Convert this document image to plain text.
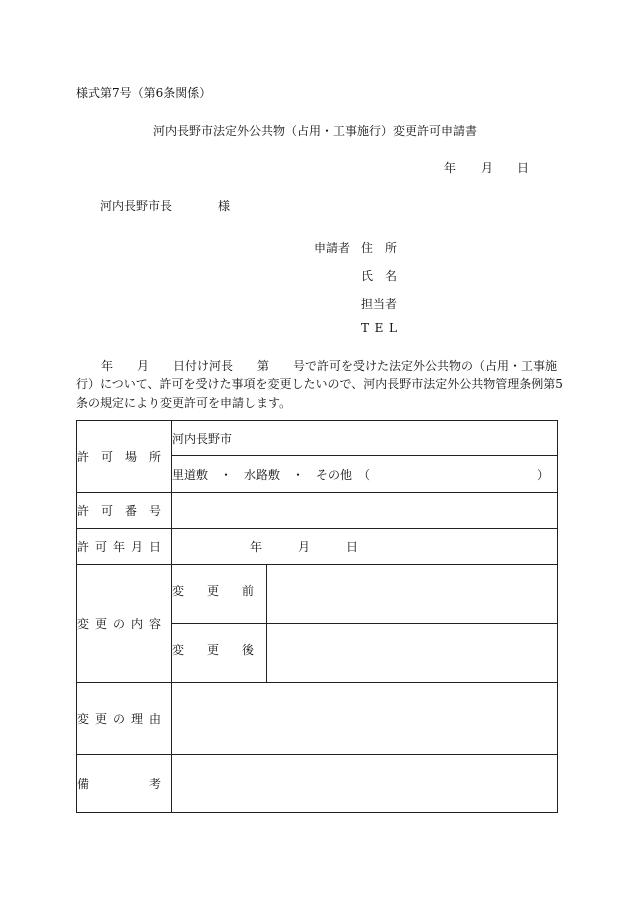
様式第7号（第6条関係）
河内長野市法定外公共物（占用・工事施行）変更許可申請書
年 月 日
河内長野市長	様
申請者 住 所
氏 名
担当者
T E L
年　　月　　日付け河長　　第　　号で許可を受けた法定外公共物の（占用・工事施
行）について、許可を受けた事項を変更したいので、河内長野市法定外公共物管理条例第5
条の規定により変更許可を申請します。
許 可 場 所	河内長野市	

	里道敷　・　水路敷　・　その他　（ ）	

許 可 番 号		

許 可 年 月 日	年　　　月　　　日	

変 更 の 内 容	変 更 前	

	変 更 後	

変 更 の 理 由		

備 考		
